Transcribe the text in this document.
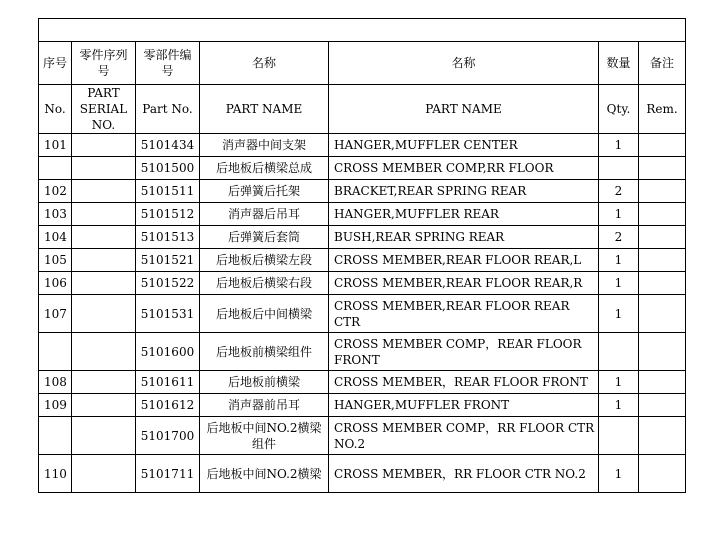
序号	零件序列号	零部件编号	名称	名称	数量	备注
No.	PART SERIAL NO.	Part No.	PART NAME	PART NAME	Qty.	Rem.
101		5101434	消声器中间支架	HANGER,MUFFLER CENTER	1	
		5101500	后地板后横梁总成	CROSS MEMBER COMP,RR FLOOR		
102		5101511	后弹簧后托架	BRACKET,REAR SPRING REAR	2	
103		5101512	消声器后吊耳	HANGER,MUFFLER REAR	1	
104		5101513	后弹簧后套筒	BUSH,REAR SPRING REAR	2	
105		5101521	后地板后横梁左段	CROSS MEMBER,REAR FLOOR REAR,L	1	
106		5101522	后地板后横梁右段	CROSS MEMBER,REAR FLOOR REAR,R	1	
107		5101531	后地板后中间横梁	CROSS MEMBER,REAR FLOOR REAR CTR	1	
		5101600	后地板前横梁组件	CROSS MEMBER COMP，REAR FLOOR FRONT		
108		5101611	后地板前横梁	CROSS MEMBER，REAR FLOOR FRONT	1	
109		5101612	消声器前吊耳	HANGER,MUFFLER FRONT	1	
		5101700	后地板中间NO.2横梁组件	CROSS MEMBER COMP，RR FLOOR CTR NO.2		
110		5101711	后地板中间NO.2横梁	CROSS MEMBER，RR FLOOR CTR NO.2	1	
